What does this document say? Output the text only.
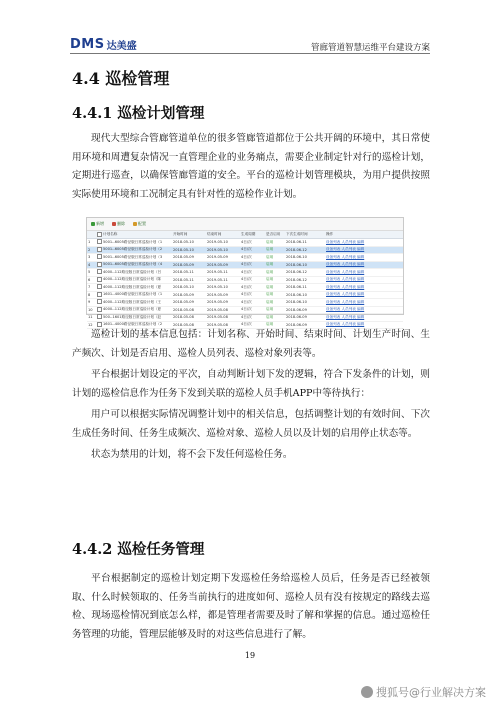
DMS 达美盛	管廊管道智慧运维平台建设方案
4.4 巡检管理
4.4.1 巡检计划管理
现代大型综合管廊管道单位的很多管廊管道都位于公共开阔的环境中，其日常使用环境和周遭复杂情况一直管理企业的业务痛点，需要企业制定针对行的巡检计划，定期进行巡查，以确保管廊管道的安全。平台的巡检计划管理模块，为用户提供按照实际使用环境和工况制定具有针对性的巡检作业计划。
新增	删除	配置
		计划名称	开始时间	结束时间	生成周期	是否启用	下次生成时间	操作
1		5001--6005路径版日常巡检计划（1	2018-05-10	2019-05-10	4日/次	启用	2018-06-11	设备列表 人员列表 编辑
2		5001--6005路径版日常巡检计划（2	2018-05-10	2019-05-10	4日/次	启用	2018-06-12	设备列表 人员列表 编辑
3		5001--6005路径版日常巡检计划（3	2018-05-09	2019-05-09	4日/次	启用	2018-06-10	设备列表 人员列表 编辑
4		5001--6005路径版日常巡检计划（4	2018-05-09	2019-05-09	4日/次	启用	2018-06-10	设备列表 人员列表 编辑
5		4000--112路径版日常巡检计划（吕	2018-05-11	2019-05-11	4日/次	启用	2018-06-12	设备列表 人员列表 编辑
6		4000--112路径版日常巡检计划（陈	2018-05-11	2019-05-11	4日/次	启用	2018-06-12	设备列表 人员列表 编辑
7		4000--112路径版日常巡检计划（夏	2018-05-10	2019-05-10	4日/次	启用	2018-06-11	设备列表 人员列表 编辑
8		1601--4000路径版日常巡检计划（1	2018-05-09	2019-05-09	4日/次	启用	2018-06-10	设备列表 人员列表 编辑
9		4000--112路径版日常巡检计划（王	2018-05-09	2019-05-09	4日/次	启用	2018-06-10	设备列表 人员列表 编辑
10		4000--112路径版日常巡检计划（夏	2018-05-08	2019-05-08	4日/次	启用	2018-06-09	设备列表 人员列表 编辑
11		500--1601路径版日常巡检计划（赵	2018-05-08	2019-05-08	4日/次	启用	2018-06-09	设备列表 人员列表 编辑
12		1601--4000路径版日常巡检计划（2	2018-05-08	2019-05-08	4日/次	启用	2018-06-09	设备列表 人员列表 编辑
巡检计划的基本信息包括：计划名称、开始时间、结束时间、计划生产时间、生产频次、计划是否启用、巡检人员列表、巡检对象列表等。
平台根据计划设定的平次，自动判断计划下发的逻辑，符合下发条件的计划，则计划的巡检信息作为任务下发到关联的巡检人员手机APP中等待执行：
用户可以根据实际情况调整计划中的相关信息，包括调整计划的有效时间、下次生成任务时间、任务生成频次、巡检对象、巡检人员以及计划的启用停止状态等。
状态为禁用的计划，将不会下发任何巡检任务。
4.4.2 巡检任务管理
平台根据制定的巡检计划定期下发巡检任务给巡检人员后，任务是否已经被领取、什么时候领取的、任务当前执行的进度如何、巡检人员有没有按规定的路线去巡检、现场巡检情况到底怎么样，都是管理者需要及时了解和掌握的信息。通过巡检任务管理的功能，管理层能够及时的对这些信息进行了解。
19
搜狐号@行业解决方案
